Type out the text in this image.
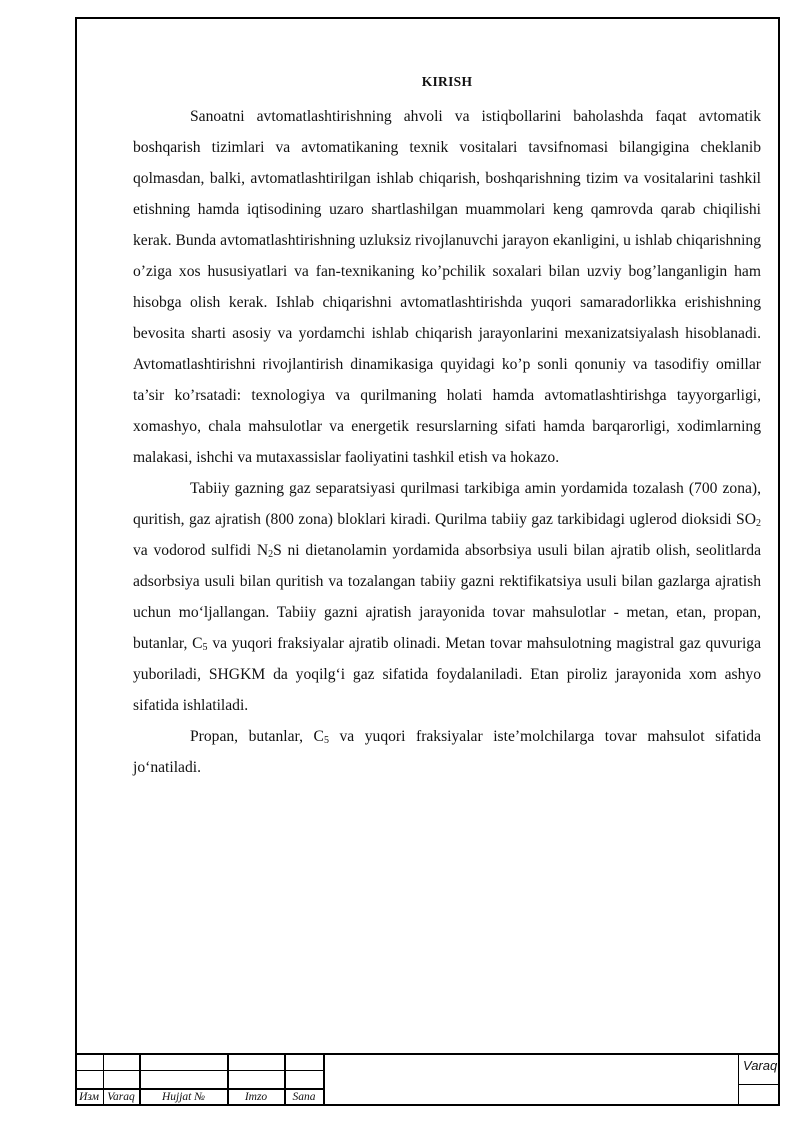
KIRISH

Sanoatni avtomatlashtirishning ahvoli va istiqbollarini baholashda faqat avtomatik boshqarish tizimlari va avtomatikaning texnik vositalari tavsifnomasi bilangigina cheklanib qolmasdan, balki, avtomatlashtirilgan ishlab chiqarish, boshqarishning tizim va vositalarini tashkil etishning hamda iqtisodining uzaro shartlashilgan muammolari keng qamrovda qarab chiqilishi kerak. Bunda avtomatlashtirishning uzluksiz rivojlanuvchi jarayon ekanligini, u ishlab chiqarishning o’ziga xos hususiyatlari va fan-texnikaning ko’pchilik soxalari bilan uzviy bog’langanligin ham hisobga olish kerak. Ishlab chiqarishni avtomatlashtirishda yuqori samaradorlikka erishishning bevosita sharti asosiy va yordamchi ishlab chiqarish jarayonlarini mexanizatsiyalash hisoblanadi. Avtomatlashtirishni rivojlantirish dinamikasiga quyidagi ko’p sonli qonuniy va tasodifiy omillar ta’sir ko’rsatadi: texnologiya va qurilmaning holati hamda avtomatlashtirishga tayyorgarligi, xomashyo, chala mahsulotlar va energetik resurslarning sifati hamda barqarorligi, xodimlarning malakasi, ishchi va mutaxassislar faoliyatini tashkil etish va hokazo.

Tabiiy gazning gaz separatsiyasi qurilmasi tarkibiga amin yordamida tozalash (700 zona), quritish, gaz ajratish (800 zona) bloklari kiradi. Qurilma tabiiy gaz tarkibidagi uglerod dioksidi $SO_2$ va vodorod sulfidi $N_2S$ ni dietanolamin yordamida absorbsiya usuli bilan ajratib olish, seolitlarda adsorbsiya usuli bilan quritish va tozalangan tabiiy gazni rektifikatsiya usuli bilan gazlarga ajratish uchun mo‘ljallangan. Tabiiy gazni ajratish jarayonida tovar mahsulotlar - metan, etan, propan, butanlar, $C_5$ va yuqori fraksiyalar ajratib olinadi. Metan tovar mahsulotning magistral gaz quvuriga yuboriladi, SHGKM da yoqilg‘i gaz sifatida foydalaniladi. Etan piroliz jarayonida xom ashyo sifatida ishlatiladi.

Propan, butanlar, $C_5$ va yuqori fraksiyalar iste’molchilarga tovar mahsulot sifatida jo‘natiladi.

Изм Varaq	Hujjat №	Imzo	Sana
Varaq
